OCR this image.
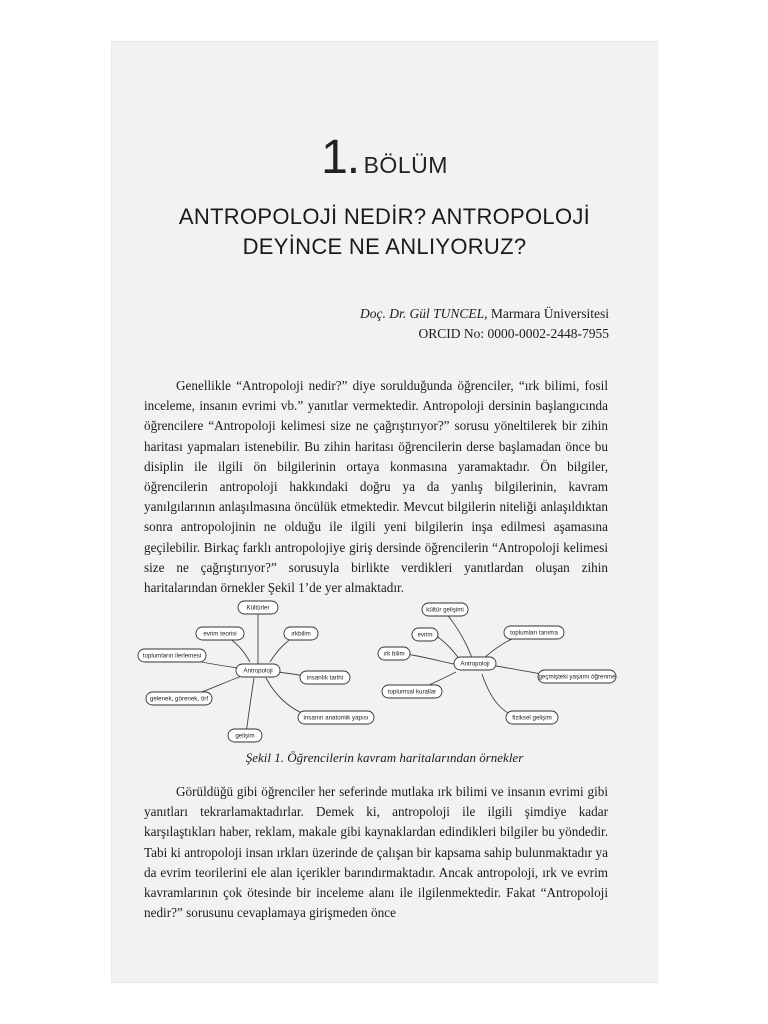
1. BÖLÜM
ANTROPOLOJİ NEDİR? ANTROPOLOJİ
DEYİNCE NE ANLIYORUZ?
Doç. Dr. Gül TUNCEL, Marmara Üniversitesi
ORCID No: 0000-0002-2448-7955

Genellikle “Antropoloji nedir?” diye sorulduğunda öğrenciler, “ırk bilimi, fosil inceleme, insanın evrimi vb.” yanıtlar vermektedir. Antropoloji dersinin başlangıcında öğrencilere “Antropoloji kelimesi size ne çağrıştırıyor?” sorusu yöneltilerek bir zihin haritası yapmaları istenebilir. Bu zihin haritası öğrencilerin derse başlamadan önce bu disiplin ile ilgili ön bilgilerinin ortaya konmasına yaramaktadır. Ön bilgiler, öğrencilerin antropoloji hakkındaki doğru ya da yanlış bilgilerinin, kavram yanılgılarının anlaşılmasına öncülük etmektedir. Mevcut bilgilerin niteliği anlaşıldıktan sonra antropolojinin ne olduğu ile ilgili yeni bilgilerin inşa edilmesi aşamasına geçilebilir. Birkaç farklı antropolojiye giriş dersinde öğrencilerin “Antropoloji kelimesi size ne çağrıştırıyor?” sorusuyla birlikte verdikleri yanıtlardan oluşan zihin haritalarından örnekler Şekil 1’de yer almaktadır.

Antropoloji
Kültürler
evrim teorisi	ırkbilim
toplumların ilerlemesi
insanlık tarihi
gelenek, görenek, örf
insanın anatomik yapısı
gelişim
Antropoloji
kültür gelişimi
evrim	toplumları tanıma
ırk bilim
geçmişteki yaşamı öğrenme
toplumsal kurallar
fiziksel gelişim
Şekil 1. Öğrencilerin kavram haritalarından örnekler

Görüldüğü gibi öğrenciler her seferinde mutlaka ırk bilimi ve insanın evrimi gibi yanıtları tekrarlamaktadırlar. Demek ki, antropoloji ile ilgili şimdiye kadar karşılaştıkları haber, reklam, makale gibi kaynaklardan edindikleri bilgiler bu yöndedir. Tabi ki antropoloji insan ırkları üzerinde de çalışan bir kapsama sahip bulunmaktadır ya da evrim teorilerini ele alan içerikler barındırmaktadır. Ancak antropoloji, ırk ve evrim kavramlarının çok ötesinde bir inceleme alanı ile ilgilenmektedir. Fakat “Antropoloji nedir?” sorusunu cevaplamaya girişmeden önce
